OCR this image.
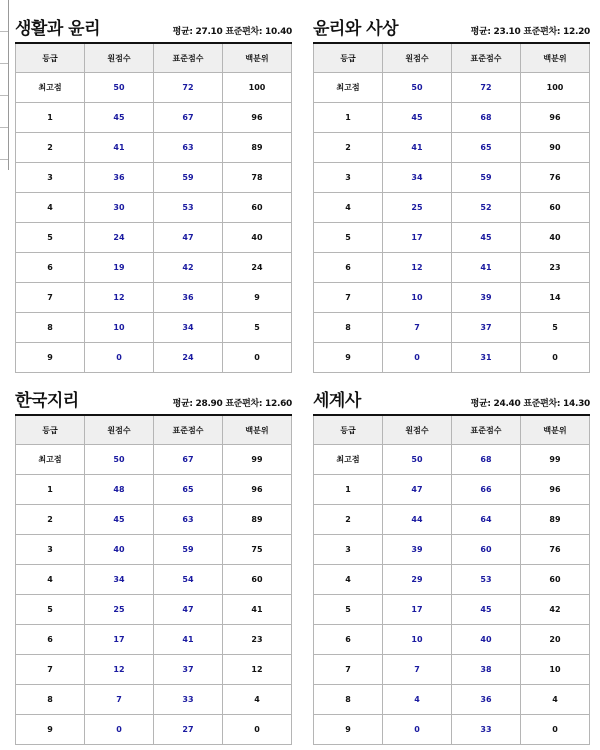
생활과 윤리	평균: 27.10 표준편차: 10.40
등급	원점수	표준점수	백분위
최고점	50	72	100
1	45	67	96
2	41	63	89
3	36	59	78
4	30	53	60
5	24	47	40
6	19	42	24
7	12	36	9
8	10	34	5
9	0	24	0
윤리와 사상	평균: 23.10 표준편차: 12.20
등급	원점수	표준점수	백분위
최고점	50	72	100
1	45	68	96
2	41	65	90
3	34	59	76
4	25	52	60
5	17	45	40
6	12	41	23
7	10	39	14
8	7	37	5
9	0	31	0
한국지리	평균: 28.90 표준편차: 12.60
등급	원점수	표준점수	백분위
최고점	50	67	99
1	48	65	96
2	45	63	89
3	40	59	75
4	34	54	60
5	25	47	41
6	17	41	23
7	12	37	12
8	7	33	4
9	0	27	0
세계사	평균: 24.40 표준편차: 14.30
등급	원점수	표준점수	백분위
최고점	50	68	99
1	47	66	96
2	44	64	89
3	39	60	76
4	29	53	60
5	17	45	42
6	10	40	20
7	7	38	10
8	4	36	4
9	0	33	0
